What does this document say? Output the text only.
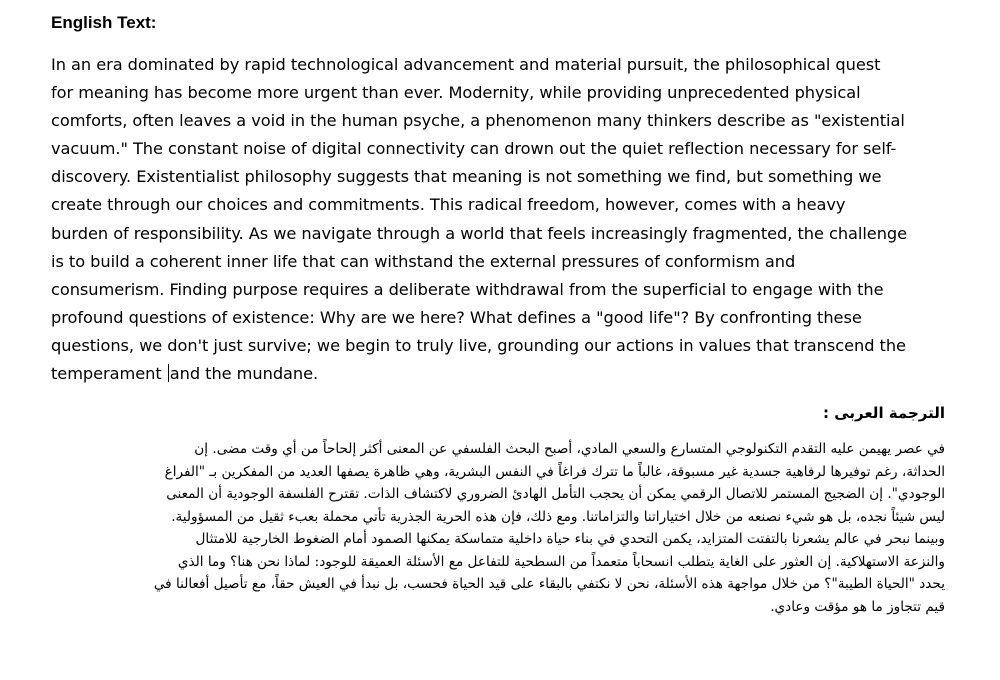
English Text:
In an era dominated by rapid technological advancement and material pursuit, the philosophical quest
for meaning has become more urgent than ever. Modernity, while providing unprecedented physical
comforts, often leaves a void in the human psyche, a phenomenon many thinkers describe as "existential
vacuum." The constant noise of digital connectivity can drown out the quiet reflection necessary for self-
discovery. Existentialist philosophy suggests that meaning is not something we find, but something we
create through our choices and commitments. This radical freedom, however, comes with a heavy
burden of responsibility. As we navigate through a world that feels increasingly fragmented, the challenge
is to build a coherent inner life that can withstand the external pressures of conformism and
consumerism. Finding purpose requires a deliberate withdrawal from the superficial to engage with the
profound questions of existence: Why are we here? What defines a "good life"? By confronting these
questions, we don't just survive; we begin to truly live, grounding our actions in values that transcend the
temperament and the mundane.
الترجمة العربى :
في عصر يهيمن عليه التقدم التكنولوجي المتسارع والسعي المادي، أصبح البحث الفلسفي عن المعنى أكثر إلحاحاً من أي وقت مضى. إن
الحداثة، رغم توفيرها لرفاهية جسدية غير مسبوقة، غالباً ما تترك فراغاً في النفس البشرية، وهي ظاهرة يصفها العديد من المفكرين بـ "الفراغ
الوجودي". إن الضجيج المستمر للاتصال الرقمي يمكن أن يحجب التأمل الهادئ الضروري لاكتشاف الذات. تقترح الفلسفة الوجودية أن المعنى
ليس شيئاً نجده، بل هو شيء نصنعه من خلال اختياراتنا والتزاماتنا. ومع ذلك، فإن هذه الحرية الجذرية تأتي محملة بعبء ثقيل من المسؤولية.
وبينما نبحر في عالم يشعرنا بالتفتت المتزايد، يكمن التحدي في بناء حياة داخلية متماسكة يمكنها الصمود أمام الضغوط الخارجية للامتثال
والنزعة الاستهلاكية. إن العثور على الغاية يتطلب انسحاباً متعمداً من السطحية للتفاعل مع الأسئلة العميقة للوجود: لماذا نحن هنا؟ وما الذي
يحدد "الحياة الطيبة"؟ من خلال مواجهة هذه الأسئلة، نحن لا نكتفي بالبقاء على قيد الحياة فحسب، بل نبدأ في العيش حقاً، مع تأصيل أفعالنا في
قيم تتجاوز ما هو مؤقت وعادي.
